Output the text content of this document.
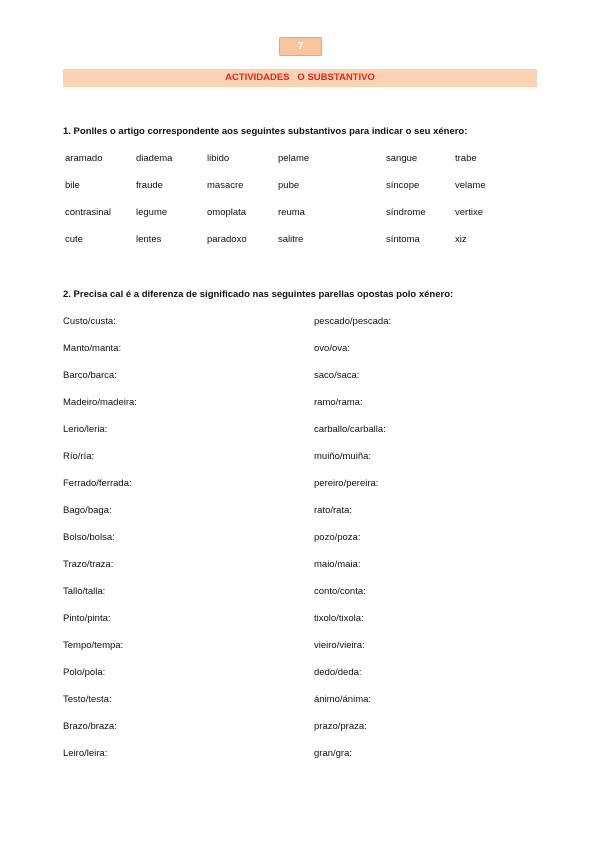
7
ACTIVIDADES   O SUBSTANTIVO
1. Ponlles o artigo correspondente aos seguintes substantivos para indicar o seu xénero:
aramado	diadema	libido	pelame	sangue	trabe
bile	fraude	masacre	pube	síncope	velame
contrasinal	legume	omoplata	reuma	síndrome	vertixe
cute	lentes	paradoxo	salitre	síntoma	xiz
2. Precisa cal é a diferenza de significado nas seguintes parellas opostas polo xénero:
Custo/custa:
Manto/manta:
Barco/barca:
Madeiro/madeira:
Lerio/leria:
Río/ría:
Ferrado/ferrada:
Bago/baga:
Bolso/bolsa:
Trazo/traza:
Tallo/talla:
Pinto/pinta:
Tempo/tempa:
Polo/pola:
Testo/testa:
Brazo/braza:
Leiro/leira:
pescado/pescada:
ovo/ova:
saco/saca:
ramo/rama:
carballo/carballa:
muiño/muiña:
pereiro/pereira:
rato/rata:
pozo/poza:
maio/maia:
conto/conta:
tixolo/tixola:
vieiro/vieira:
dedo/deda:
ánimo/ánima:
prazo/praza:
gran/gra:
